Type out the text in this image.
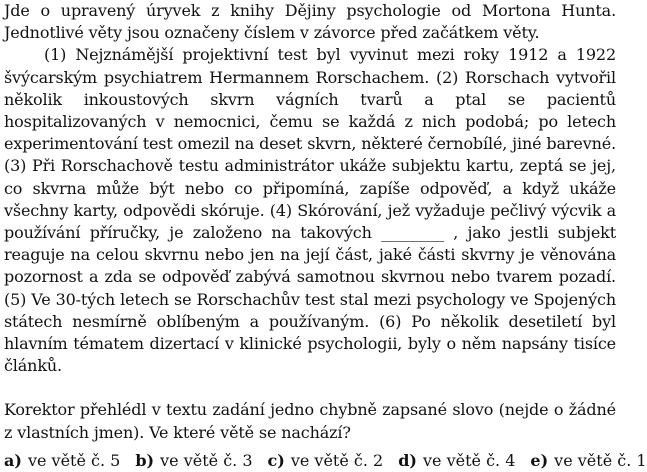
Jde o upravený úryvek z knihy Dějiny psychologie od Mortona Hunta. Jednotlivé věty jsou označeny číslem v závorce před začátkem věty.

(1) Nejznámější projektivní test byl vyvinut mezi roky 1912 a 1922 švýcarským psychiatrem Hermannem Rorschachem. (2) Rorschach vytvořil několik inkoustových skvrn vágních tvarů a ptal se pacientů hospitalizovaných v nemocnici, čemu se každá z nich podobá; po letech experimentování test omezil na deset skvrn, některé černobílé, jiné barevné. (3) Při Rorschachově testu administrátor ukáže subjektu kartu, zeptá se jej, co skvrna může být nebo co připomíná, zapíše odpověď, a když ukáže všechny karty, odpovědi skóruje. (4) Skórování, jež vyžaduje pečlivý výcvik a používání příručky, je založeno na takových ________ , jako jestli subjekt reaguje na celou skvrnu nebo jen na její část, jaké části skvrny je věnována pozornost a zda se odpověď zabývá samotnou skvrnou nebo tvarem pozadí. (5) Ve 30-tých letech se Rorschachův test stal mezi psychology ve Spojených státech nesmírně oblíbeným a používaným. (6) Po několik desetiletí byl hlavním tématem dizertací v klinické psychologii, byly o něm napsány tisíce článků.

Korektor přehlédl v textu zadání jedno chybně zapsané slovo (nejde o žádné z vlastních jmen). Ve které větě se nachází?

a) ve větě č. 5 b) ve větě č. 3 c) ve větě č. 2 d) ve větě č. 4 e) ve větě č. 1
